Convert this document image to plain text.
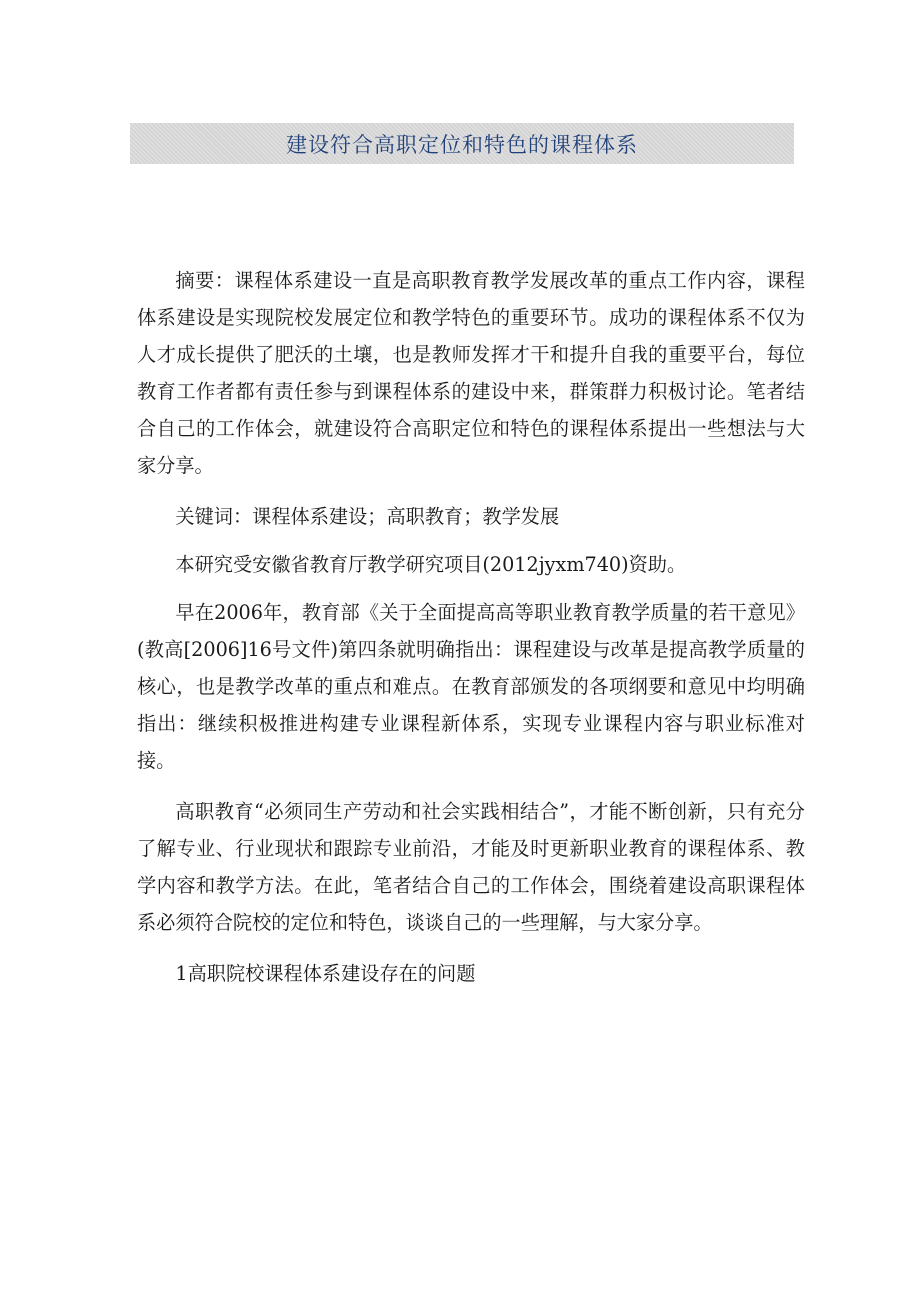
建设符合高职定位和特色的课程体系

摘要：课程体系建设一直是高职教育教学发展改革的重点工作内容，课程体系建设是实现院校发展定位和教学特色的重要环节。成功的课程体系不仅为人才成长提供了肥沃的土壤，也是教师发挥才干和提升自我的重要平台，每位教育工作者都有责任参与到课程体系的建设中来，群策群力积极讨论。笔者结合自己的工作体会，就建设符合高职定位和特色的课程体系提出一些想法与大家分享。

关键词：课程体系建设；高职教育；教学发展

本研究受安徽省教育厅教学研究项目(2012jyxm740)资助。

早在2006年，教育部《关于全面提高高等职业教育教学质量的若干意见》(教高[2006]16号文件)第四条就明确指出：课程建设与改革是提高教学质量的核心，也是教学改革的重点和难点。在教育部颁发的各项纲要和意见中均明确指出：继续积极推进构建专业课程新体系，实现专业课程内容与职业标准对接。

高职教育“必须同生产劳动和社会实践相结合”，才能不断创新，只有充分了解专业、行业现状和跟踪专业前沿，才能及时更新职业教育的课程体系、教学内容和教学方法。在此，笔者结合自己的工作体会，围绕着建设高职课程体系必须符合院校的定位和特色，谈谈自己的一些理解，与大家分享。

1高职院校课程体系建设存在的问题
